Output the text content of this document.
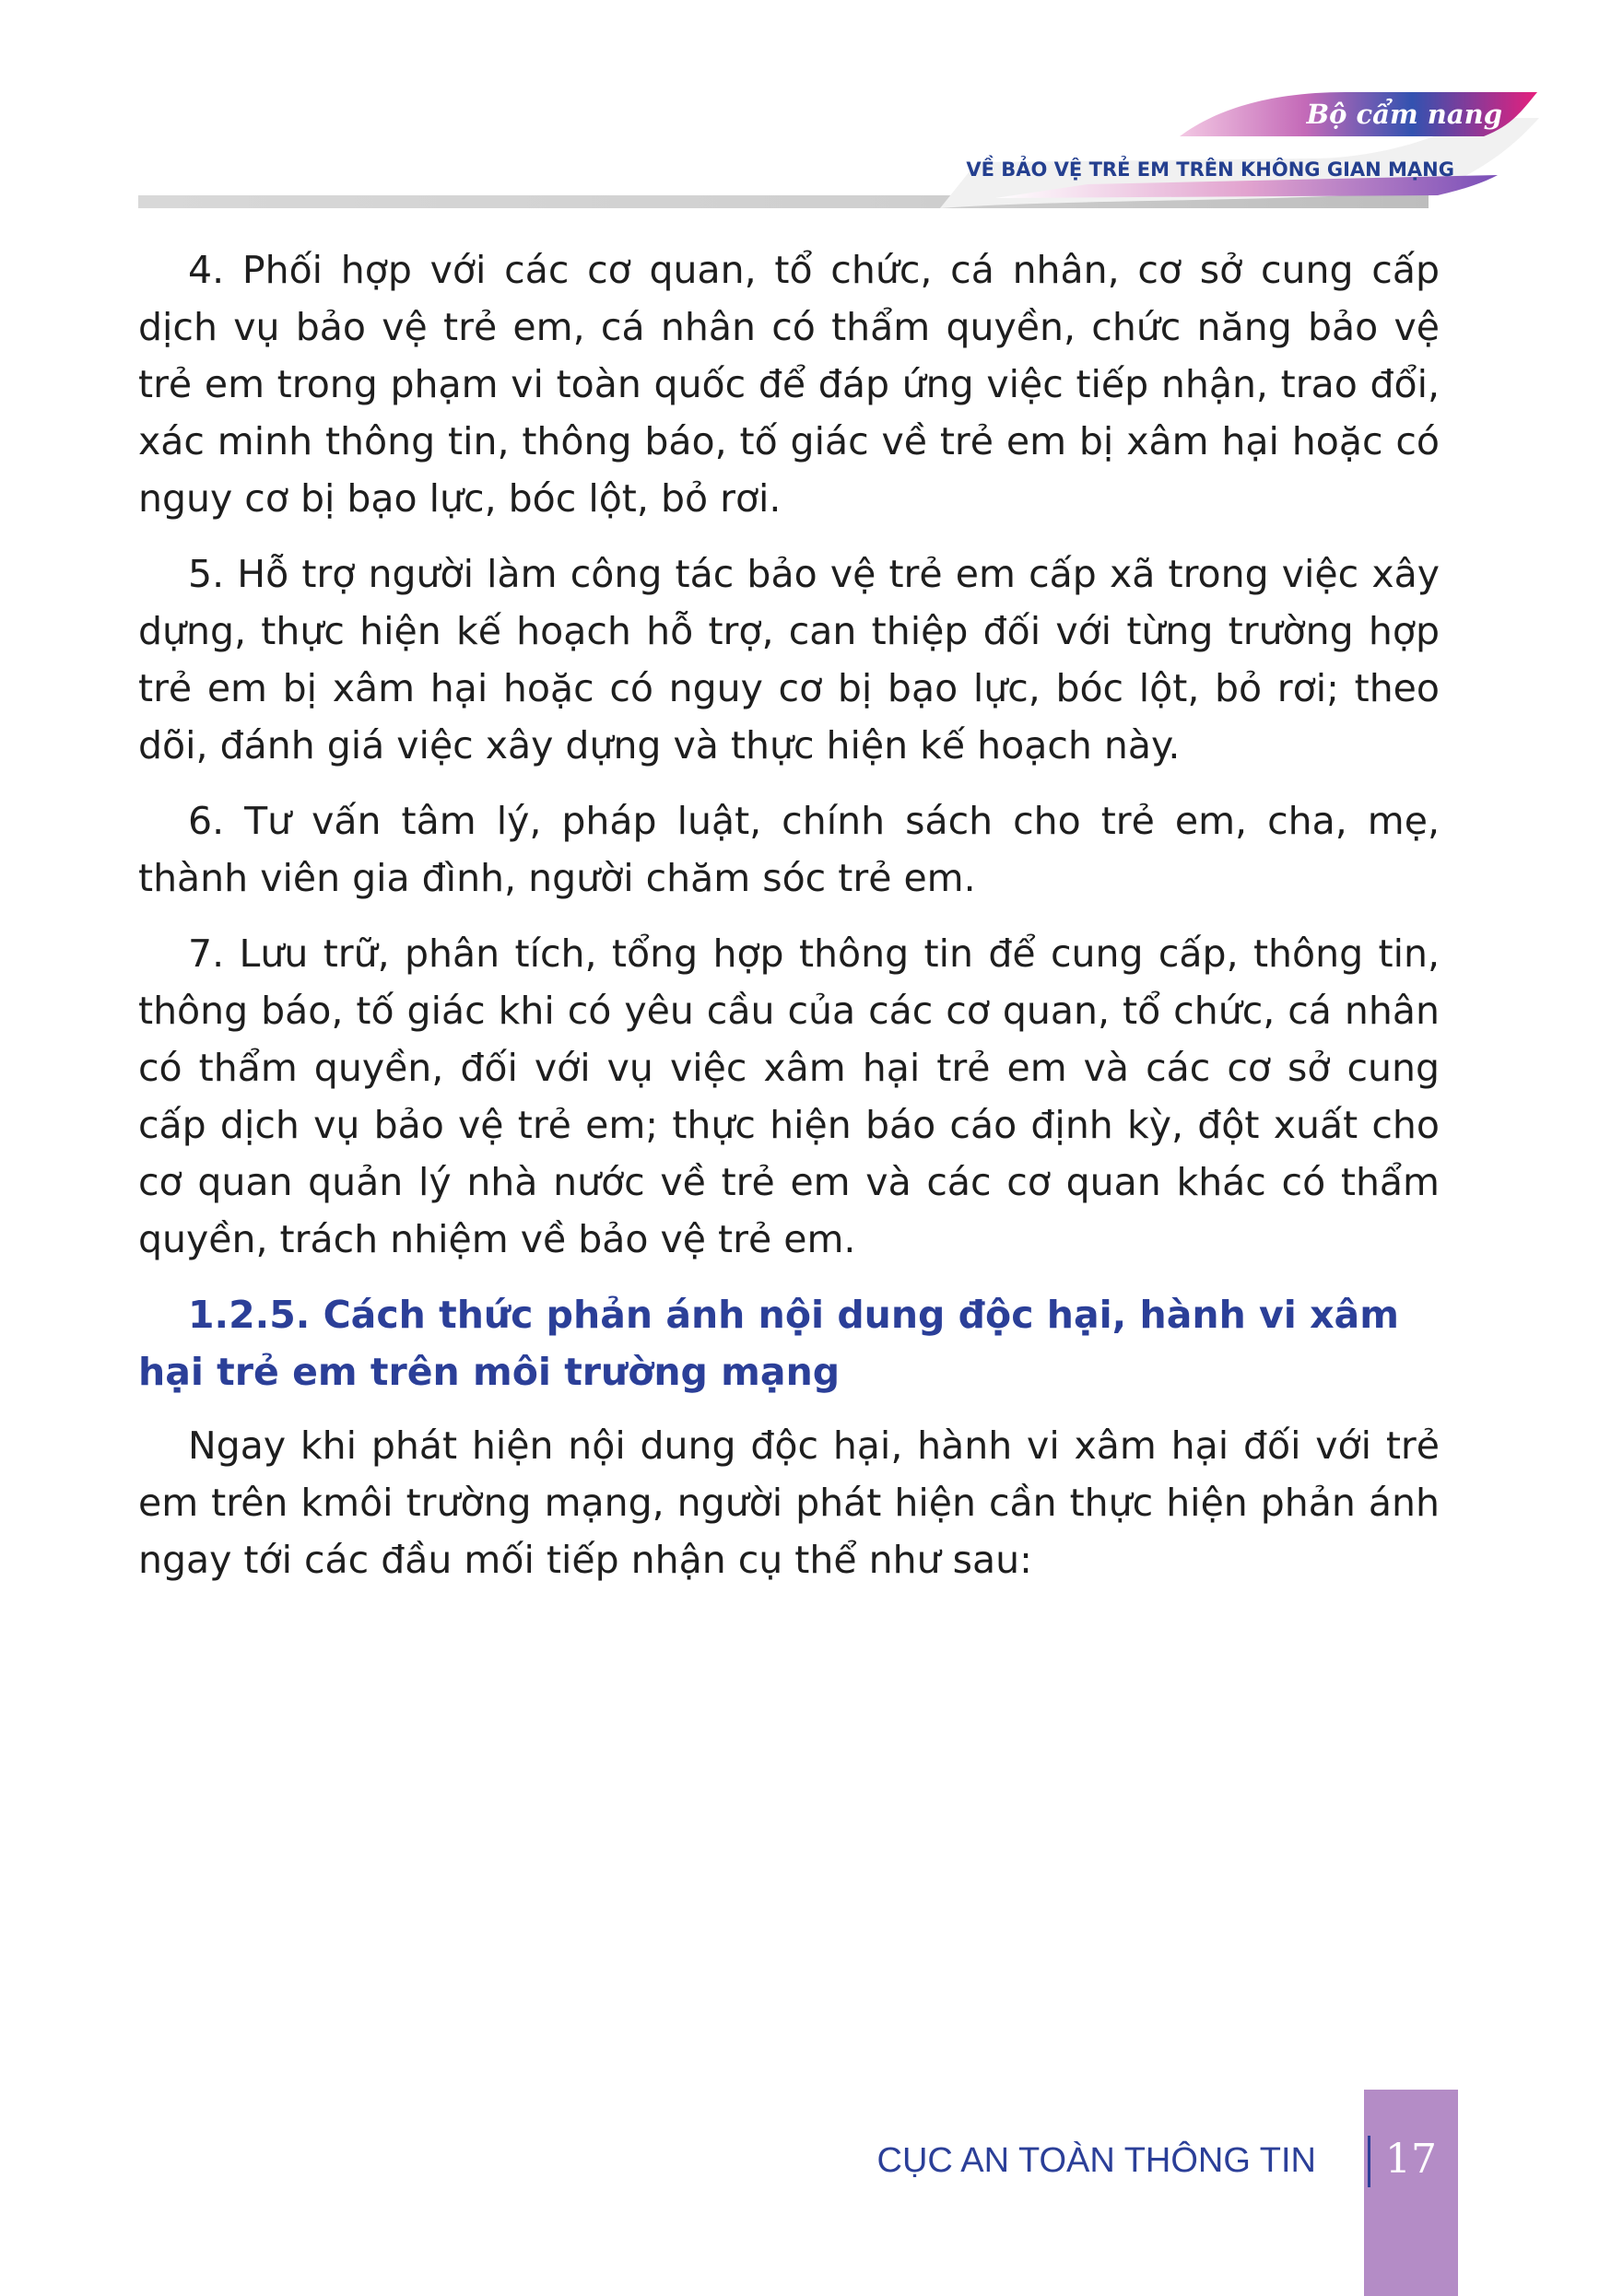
Bộ cẩm nang
VỀ BẢO VỆ TRẺ EM TRÊN KHÔNG GIAN MẠNG

4. Phối hợp với các cơ quan, tổ chức, cá nhân, cơ sở cung cấp dịch vụ bảo vệ trẻ em, cá nhân có thẩm quyền, chức năng bảo vệ trẻ em trong phạm vi toàn quốc để đáp ứng việc tiếp nhận, trao đổi, xác minh thông tin, thông báo, tố giác về trẻ em bị xâm hại hoặc có nguy cơ bị bạo lực, bóc lột, bỏ rơi.

5. Hỗ trợ người làm công tác bảo vệ trẻ em cấp xã trong việc xây dựng, thực hiện kế hoạch hỗ trợ, can thiệp đối với từng trường hợp trẻ em bị xâm hại hoặc có nguy cơ bị bạo lực, bóc lột, bỏ rơi; theo dõi, đánh giá việc xây dựng và thực hiện kế hoạch này.

6. Tư vấn tâm lý, pháp luật, chính sách cho trẻ em, cha, mẹ, thành viên gia đình, người chăm sóc trẻ em.

7. Lưu trữ, phân tích, tổng hợp thông tin để cung cấp, thông tin, thông báo, tố giác khi có yêu cầu của các cơ quan, tổ chức, cá nhân có thẩm quyền, đối với vụ việc xâm hại trẻ em và các cơ sở cung cấp dịch vụ bảo vệ trẻ em; thực hiện báo cáo định kỳ, đột xuất cho cơ quan quản lý nhà nước về trẻ em và các cơ quan khác có thẩm quyền, trách nhiệm về bảo vệ trẻ em.

1.2.5. Cách thức phản ánh nội dung độc hại, hành vi xâm hại trẻ em trên môi trường mạng

Ngay khi phát hiện nội dung độc hại, hành vi xâm hại đối với trẻ em trên kmôi trường mạng, người phát hiện cần thực hiện phản ánh ngay tới các đầu mối tiếp nhận cụ thể như sau:

CỤC AN TOÀN THÔNG TIN	17
